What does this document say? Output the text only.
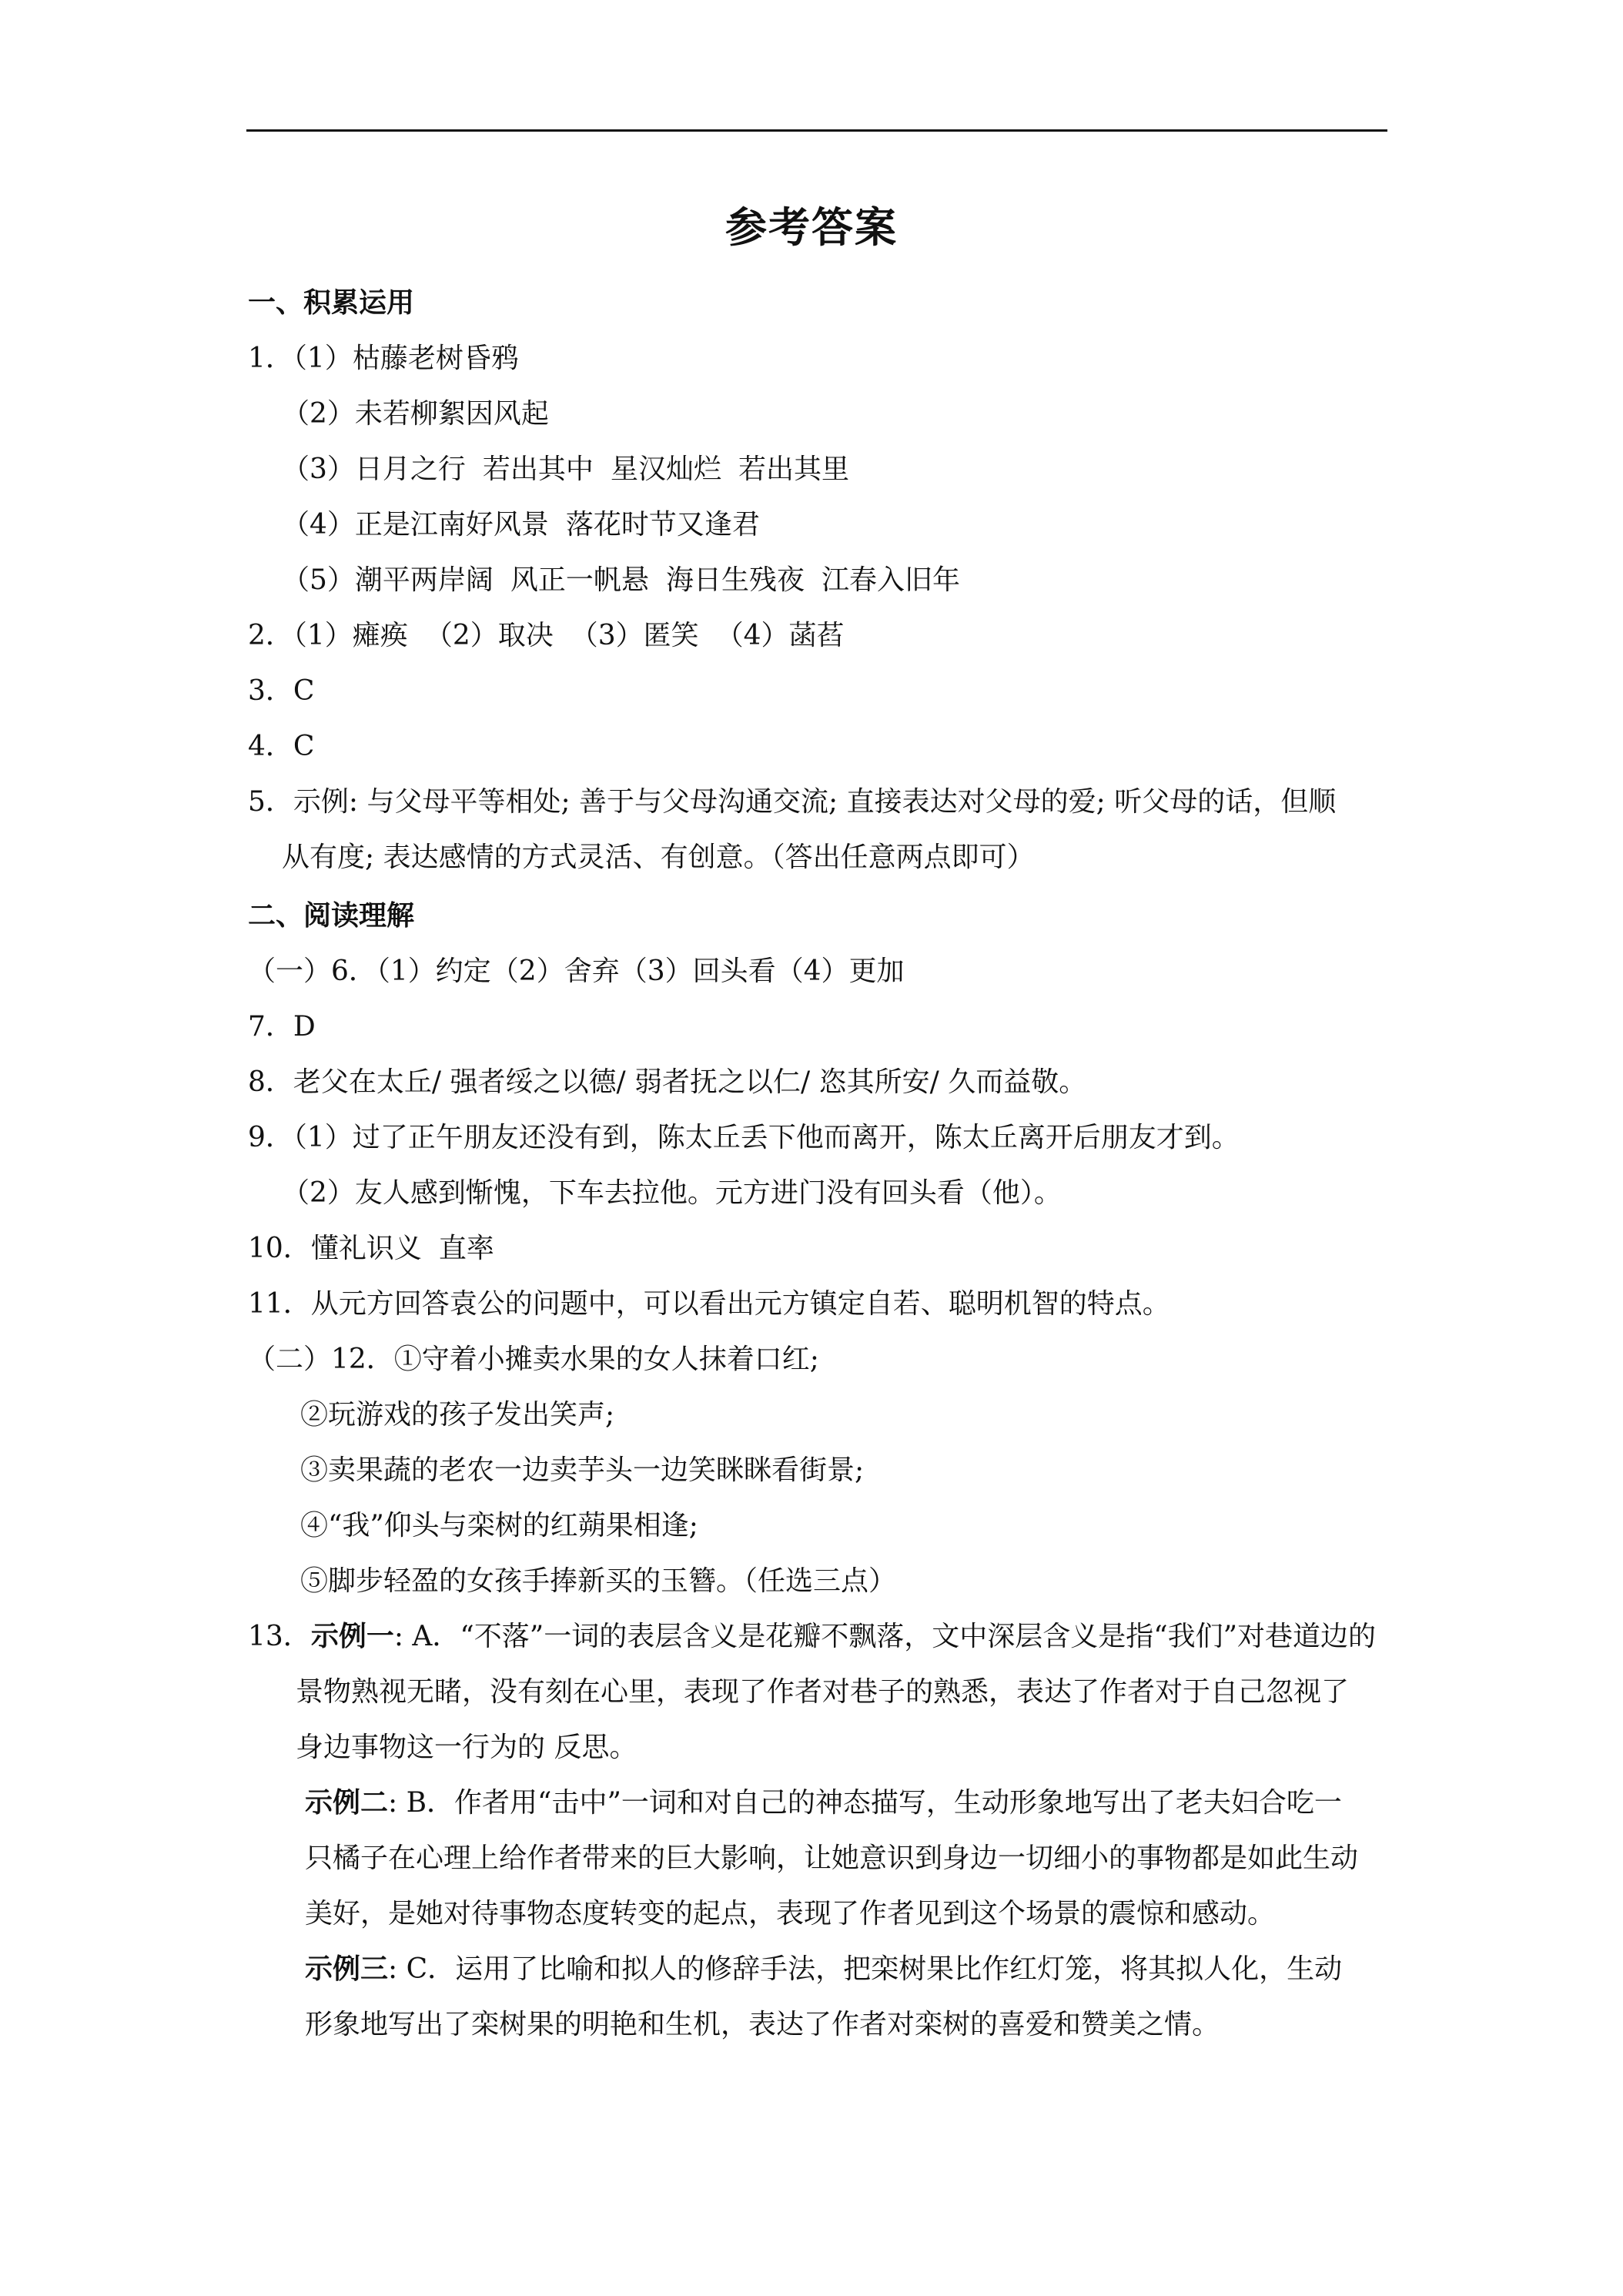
参考答案
一、积累运用
1．（1）枯藤老树昏鸦
（2）未若柳絮因风起
（3）日月之行 若出其中 星汉灿烂 若出其里
（4）正是江南好风景 落花时节又逢君
（5）潮平两岸阔 风正一帆悬 海日生残夜 江春入旧年
2．（1）瘫痪 （2）取决 （3）匿笑 （4）菡萏
3．C
4．C
5．示例: 与父母平等相处; 善于与父母沟通交流; 直接表达对父母的爱; 听父母的话，但顺
从有度; 表达感情的方式灵活、有创意。（答出任意两点即可）
二、阅读理解
（一）6．（1）约定（2）舍弃（3）回头看（4）更加
7．D
8．老父在太丘/ 强者绥之以德/ 弱者抚之以仁/ 恣其所安/ 久而益敬。
9．（1）过了正午朋友还没有到，陈太丘丢下他而离开，陈太丘离开后朋友才到。
（2）友人感到惭愧，下车去拉他。元方进门没有回头看（他）。
10．懂礼识义 直率
11．从元方回答袁公的问题中，可以看出元方镇定自若、聪明机智的特点。
（二）12．①守着小摊卖水果的女人抹着口红;
②玩游戏的孩子发出笑声;
③卖果蔬的老农一边卖芋头一边笑眯眯看街景;
④“我”仰头与栾树的红蒴果相逢;
⑤脚步轻盈的女孩手捧新买的玉簪。（任选三点）
13．示例一: A．“不落”一词的表层含义是花瓣不飘落，文中深层含义是指“我们”对巷道边的
景物熟视无睹，没有刻在心里，表现了作者对巷子的熟悉，表达了作者对于自己忽视了
身边事物这一行为的 反思。
示例二: B．作者用“击中”一词和对自己的神态描写，生动形象地写出了老夫妇合吃一
只橘子在心理上给作者带来的巨大影响，让她意识到身边一切细小的事物都是如此生动
美好，是她对待事物态度转变的起点，表现了作者见到这个场景的震惊和感动。
示例三: C．运用了比喻和拟人的修辞手法，把栾树果比作红灯笼，将其拟人化，生动
形象地写出了栾树果的明艳和生机，表达了作者对栾树的喜爱和赞美之情。
